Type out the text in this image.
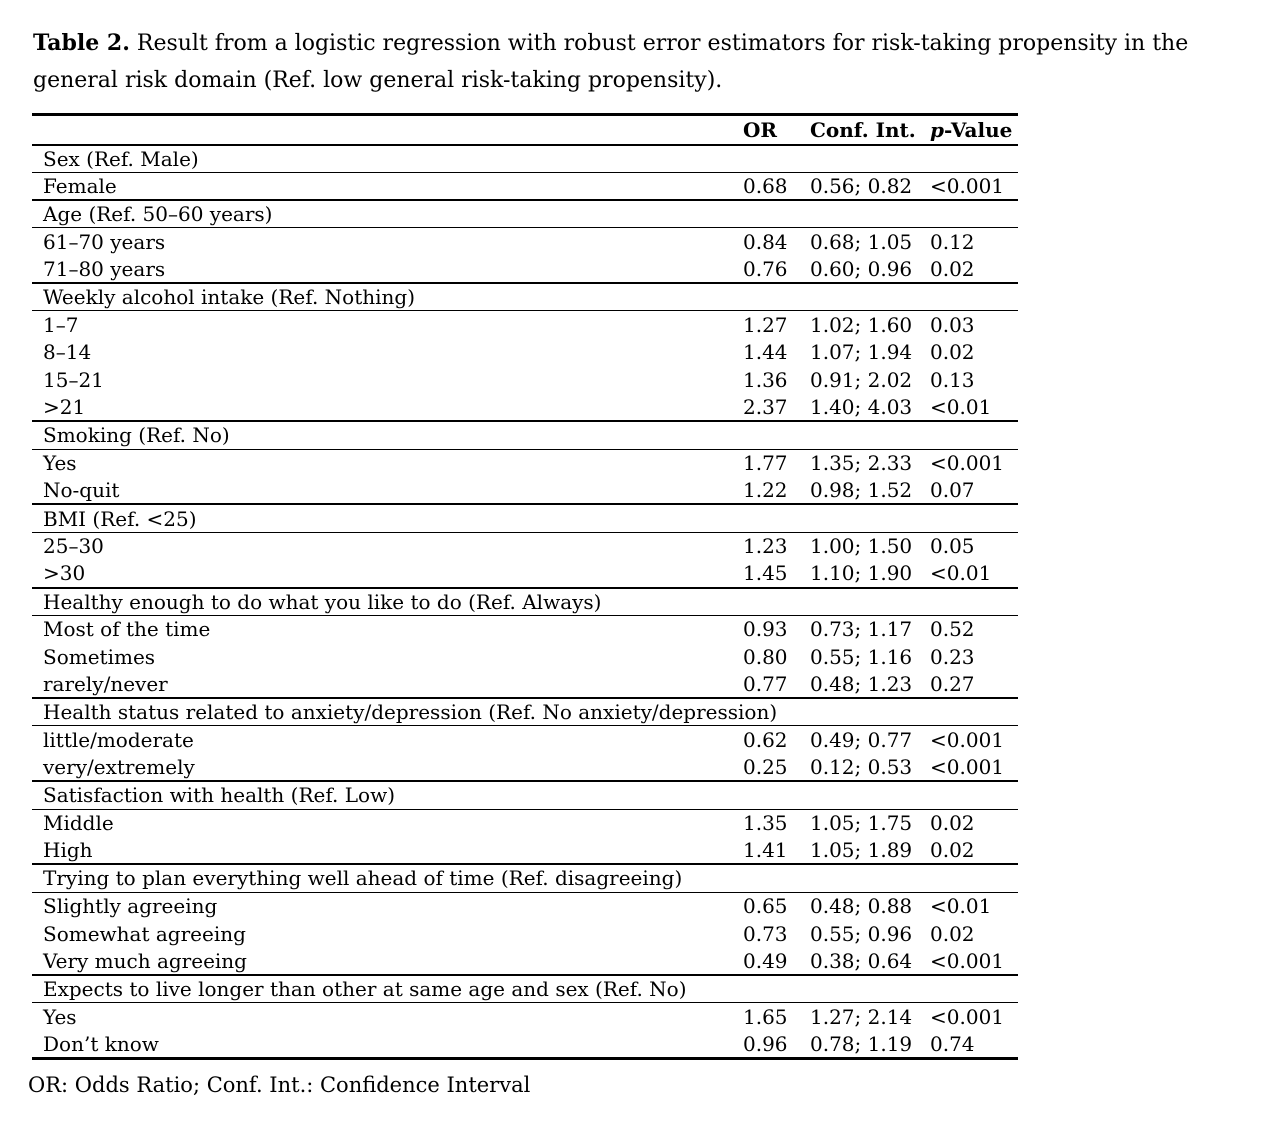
Table 2. Result from a logistic regression with robust error estimators for risk-taking propensity in the
general risk domain (Ref. low general risk-taking propensity).

	OR	Conf. Int.	p-Value
Sex (Ref. Male)			
Female	0.68	0.56; 0.82	<0.001
Age (Ref. 50–60 years)			
61–70 years	0.84	0.68; 1.05	0.12
71–80 years	0.76	0.60; 0.96	0.02
Weekly alcohol intake (Ref. Nothing)			
1–7	1.27	1.02; 1.60	0.03
8–14	1.44	1.07; 1.94	0.02
15–21	1.36	0.91; 2.02	0.13
>21	2.37	1.40; 4.03	<0.01
Smoking (Ref. No)			
Yes	1.77	1.35; 2.33	<0.001
No-quit	1.22	0.98; 1.52	0.07
BMI (Ref. <25)			
25–30	1.23	1.00; 1.50	0.05
>30	1.45	1.10; 1.90	<0.01
Healthy enough to do what you like to do (Ref. Always)			
Most of the time	0.93	0.73; 1.17	0.52
Sometimes	0.80	0.55; 1.16	0.23
rarely/never	0.77	0.48; 1.23	0.27
Health status related to anxiety/depression (Ref. No anxiety/depression)			
little/moderate	0.62	0.49; 0.77	<0.001
very/extremely	0.25	0.12; 0.53	<0.001
Satisfaction with health (Ref. Low)			
Middle	1.35	1.05; 1.75	0.02
High	1.41	1.05; 1.89	0.02
Trying to plan everything well ahead of time (Ref. disagreeing)			
Slightly agreeing	0.65	0.48; 0.88	<0.01
Somewhat agreeing	0.73	0.55; 0.96	0.02
Very much agreeing	0.49	0.38; 0.64	<0.001
Expects to live longer than other at same age and sex (Ref. No)			
Yes	1.65	1.27; 2.14	<0.001
Don’t know	0.96	0.78; 1.19	0.74

OR: Odds Ratio; Conf. Int.: Confidence Interval
